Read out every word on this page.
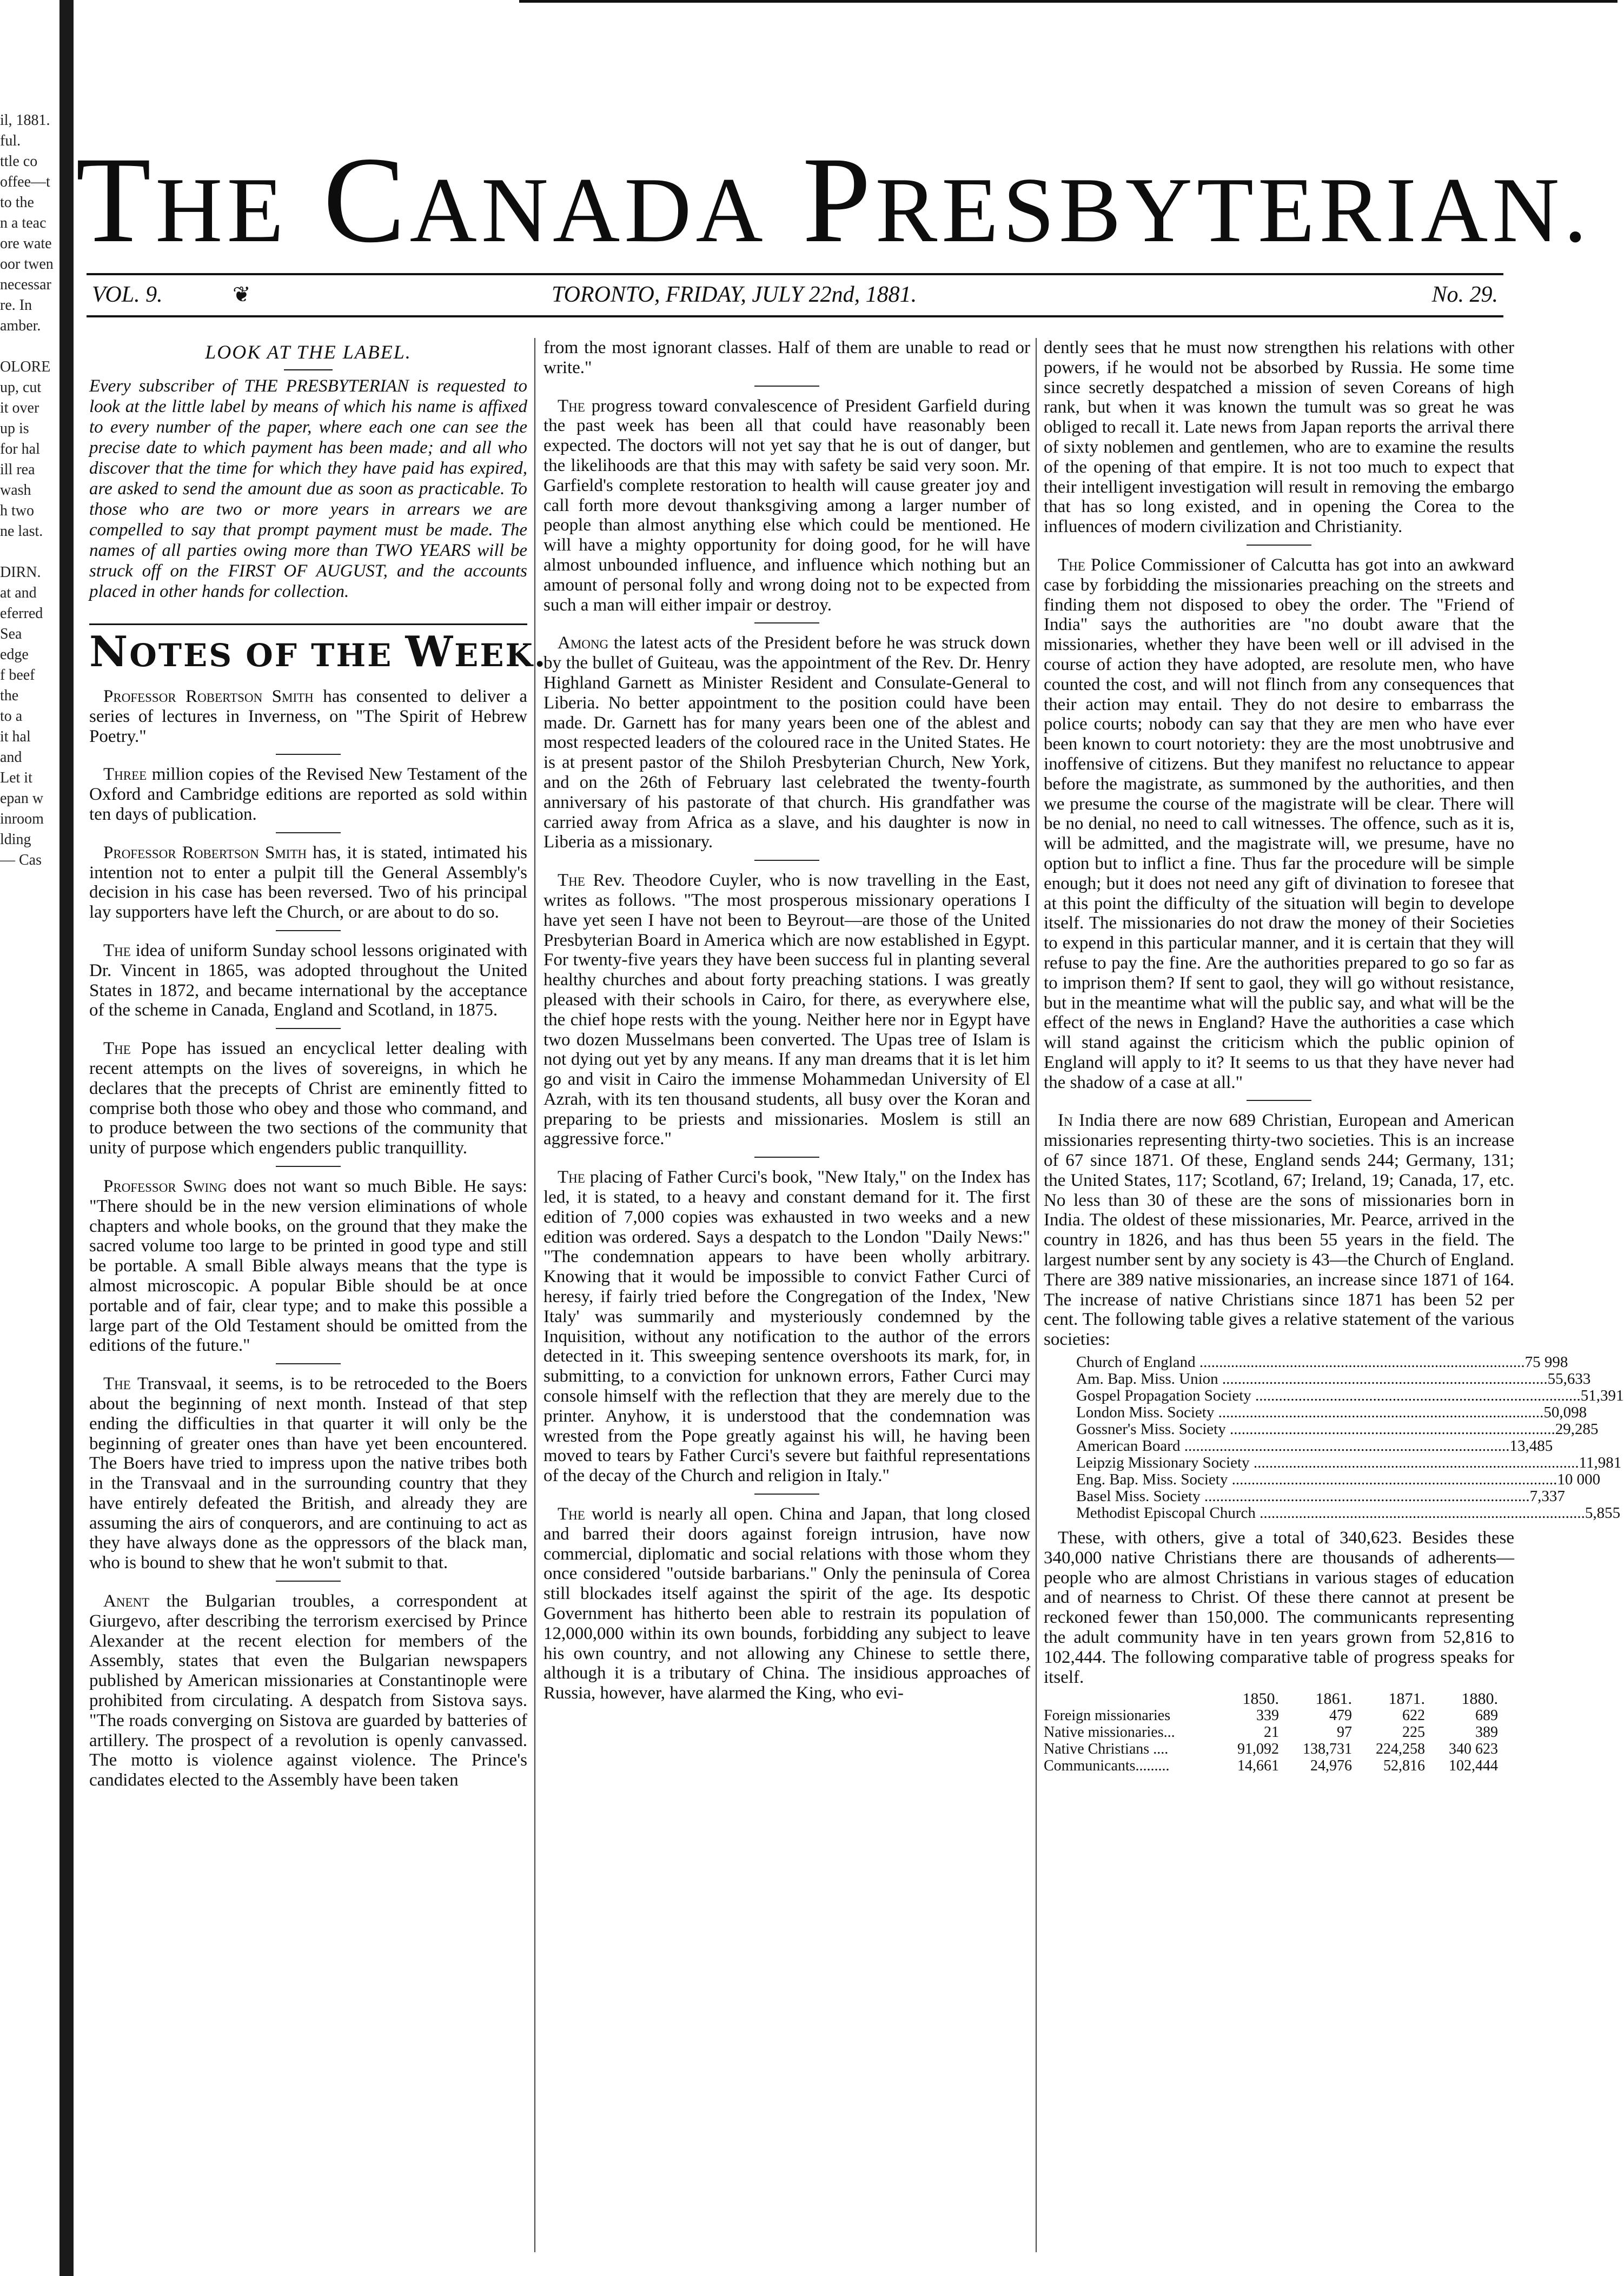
il, 1881.
ful.
ttle co
offee—t
to the
n a teac
ore wate
oor twen
necessar
re. In
amber.
OLORE
up, cut
it over
up is
for hal
ill rea
wash
h two
ne last.
DIRN.
at and
eferred
Sea
edge
f beef
the
to a
it hal
and
Let it
epan w
inroom
lding
— Cas
THE CANADA PRESBYTERIAN.
VOL. 9.	❦	TORONTO, FRIDAY, JULY 22nd, 1881.	No. 29.

LOOK AT THE LABEL.

Every subscriber of THE PRESBYTERIAN is requested to look at the little label by means of which his name is affixed to every number of the paper, where each one can see the precise date to which payment has been made; and all who discover that the time for which they have paid has expired, are asked to send the amount due as soon as practicable. To those who are two or more years in arrears we are compelled to say that prompt payment must be made. The names of all parties owing more than TWO YEARS will be struck off on the FIRST OF AUGUST, and the accounts placed in other hands for collection.

NOTES OF THE WEEK.

Professor Robertson Smith has consented to deliver a series of lectures in Inverness, on "The Spirit of Hebrew Poetry."

Three million copies of the Revised New Testament of the Oxford and Cambridge editions are reported as sold within ten days of publication.

Professor Robertson Smith has, it is stated, intimated his intention not to enter a pulpit till the General Assembly's decision in his case has been reversed. Two of his principal lay supporters have left the Church, or are about to do so.

The idea of uniform Sunday school lessons originated with Dr. Vincent in 1865, was adopted throughout the United States in 1872, and became international by the acceptance of the scheme in Canada, England and Scotland, in 1875.

The Pope has issued an encyclical letter dealing with recent attempts on the lives of sovereigns, in which he declares that the precepts of Christ are eminently fitted to comprise both those who obey and those who command, and to produce between the two sections of the community that unity of purpose which engenders public tranquillity.

Professor Swing does not want so much Bible. He says: "There should be in the new version eliminations of whole chapters and whole books, on the ground that they make the sacred volume too large to be printed in good type and still be portable. A small Bible always means that the type is almost microscopic. A popular Bible should be at once portable and of fair, clear type; and to make this possible a large part of the Old Testament should be omitted from the editions of the future."

The Transvaal, it seems, is to be retroceded to the Boers about the beginning of next month. Instead of that step ending the difficulties in that quarter it will only be the beginning of greater ones than have yet been encountered. The Boers have tried to impress upon the native tribes both in the Transvaal and in the surrounding country that they have entirely defeated the British, and already they are assuming the airs of conquerors, and are continuing to act as they have always done as the oppressors of the black man, who is bound to shew that he won't submit to that.

Anent the Bulgarian troubles, a correspondent at Giurgevo, after describing the terrorism exercised by Prince Alexander at the recent election for members of the Assembly, states that even the Bulgarian newspapers published by American missionaries at Constantinople were prohibited from circulating. A despatch from Sistova says. "The roads converging on Sistova are guarded by batteries of artillery. The prospect of a revolution is openly canvassed. The motto is violence against violence. The Prince's candidates elected to the Assembly have been taken

from the most ignorant classes. Half of them are unable to read or write."

The progress toward convalescence of President Garfield during the past week has been all that could have reasonably been expected. The doctors will not yet say that he is out of danger, but the likelihoods are that this may with safety be said very soon. Mr. Garfield's complete restoration to health will cause greater joy and call forth more devout thanksgiving among a larger number of people than almost anything else which could be mentioned. He will have a mighty opportunity for doing good, for he will have almost unbounded influence, and influence which nothing but an amount of personal folly and wrong doing not to be expected from such a man will either impair or destroy.

Among the latest acts of the President before he was struck down by the bullet of Guiteau, was the appointment of the Rev. Dr. Henry Highland Garnett as Minister Resident and Consulate-General to Liberia. No better appointment to the position could have been made. Dr. Garnett has for many years been one of the ablest and most respected leaders of the coloured race in the United States. He is at present pastor of the Shiloh Presbyterian Church, New York, and on the 26th of February last celebrated the twenty-fourth anniversary of his pastorate of that church. His grandfather was carried away from Africa as a slave, and his daughter is now in Liberia as a missionary.

The Rev. Theodore Cuyler, who is now travelling in the East, writes as follows. "The most prosperous missionary operations I have yet seen I have not been to Beyrout—are those of the United Presbyterian Board in America which are now established in Egypt. For twenty-five years they have been success ful in planting several healthy churches and about forty preaching stations. I was greatly pleased with their schools in Cairo, for there, as everywhere else, the chief hope rests with the young. Neither here nor in Egypt have two dozen Musselmans been converted. The Upas tree of Islam is not dying out yet by any means. If any man dreams that it is let him go and visit in Cairo the immense Mohammedan University of El Azrah, with its ten thousand students, all busy over the Koran and preparing to be priests and missionaries. Moslem is still an aggressive force."

The placing of Father Curci's book, "New Italy," on the Index has led, it is stated, to a heavy and constant demand for it. The first edition of 7,000 copies was exhausted in two weeks and a new edition was ordered. Says a despatch to the London "Daily News:" "The condemnation appears to have been wholly arbitrary. Knowing that it would be impossible to convict Father Curci of heresy, if fairly tried before the Congregation of the Index, 'New Italy' was summarily and mysteriously condemned by the Inquisition, without any notification to the author of the errors detected in it. This sweeping sentence overshoots its mark, for, in submitting, to a conviction for unknown errors, Father Curci may console himself with the reflection that they are merely due to the printer. Anyhow, it is understood that the condemnation was wrested from the Pope greatly against his will, he having been moved to tears by Father Curci's severe but faithful representations of the decay of the Church and religion in Italy."

The world is nearly all open. China and Japan, that long closed and barred their doors against foreign intrusion, have now commercial, diplomatic and social relations with those whom they once considered "outside barbarians." Only the peninsula of Corea still blockades itself against the spirit of the age. Its despotic Government has hitherto been able to restrain its population of 12,000,000 within its own bounds, forbidding any subject to leave his own country, and not allowing any Chinese to settle there, although it is a tributary of China. The insidious approaches of Russia, however, have alarmed the King, who evi-

dently sees that he must now strengthen his relations with other powers, if he would not be absorbed by Russia. He some time since secretly despatched a mission of seven Coreans of high rank, but when it was known the tumult was so great he was obliged to recall it. Late news from Japan reports the arrival there of sixty noblemen and gentlemen, who are to examine the results of the opening of that empire. It is not too much to expect that their intelligent investigation will result in removing the embargo that has so long existed, and in opening the Corea to the influences of modern civilization and Christianity.

The Police Commissioner of Calcutta has got into an awkward case by forbidding the missionaries preaching on the streets and finding them not disposed to obey the order. The "Friend of India" says the authorities are "no doubt aware that the missionaries, whether they have been well or ill advised in the course of action they have adopted, are resolute men, who have counted the cost, and will not flinch from any consequences that their action may entail. They do not desire to embarrass the police courts; nobody can say that they are men who have ever been known to court notoriety: they are the most unobtrusive and inoffensive of citizens. But they manifest no reluctance to appear before the magistrate, as summoned by the authorities, and then we presume the course of the magistrate will be clear. There will be no denial, no need to call witnesses. The offence, such as it is, will be admitted, and the magistrate will, we presume, have no option but to inflict a fine. Thus far the procedure will be simple enough; but it does not need any gift of divination to foresee that at this point the difficulty of the situation will begin to develope itself. The missionaries do not draw the money of their Societies to expend in this particular manner, and it is certain that they will refuse to pay the fine. Are the authorities prepared to go so far as to imprison them? If sent to gaol, they will go without resistance, but in the meantime what will the public say, and what will be the effect of the news in England? Have the authorities a case which will stand against the criticism which the public opinion of England will apply to it? It seems to us that they have never had the shadow of a case at all."

In India there are now 689 Christian, European and American missionaries representing thirty-two societies. This is an increase of 67 since 1871. Of these, England sends 244; Germany, 131; the United States, 117; Scotland, 67; Ireland, 19; Canada, 17, etc. No less than 30 of these are the sons of missionaries born in India. The oldest of these missionaries, Mr. Pearce, arrived in the country in 1826, and has thus been 55 years in the field. The largest number sent by any society is 43—the Church of England. There are 389 native missionaries, an increase since 1871 of 164. The increase of native Christians since 1871 has been 52 per cent. The following table gives a relative statement of the various societies:

Church of England .....	75 998
Am. Bap. Miss. Union .....	55,633
Gospel Propagation Society .....	51,391
London Miss. Society .....	50,098
Gossner's Miss. Society .....	29,285
American Board .....	13,485
Leipzig Missionary Society .....	11,981
Eng. Bap. Miss. Society .....	10 000
Basel Miss. Society .....	7,337
Methodist Episcopal Church .....	5,855

These, with others, give a total of 340,623. Besides these 340,000 native Christians there are thousands of adherents—people who are almost Christians in various stages of education and of nearness to Christ. Of these there cannot at present be reckoned fewer than 150,000. The communicants representing the adult community have in ten years grown from 52,816 to 102,444. The following comparative table of progress speaks for itself.

1850.	1861.	1871.	1880.
Foreign missionaries	339	479	622	689
Native missionaries...	21	97	225	389
Native Christians ....	91,092	138,731	224,258	340 623
Communicants.........	14,661	24,976	52,816	102,444
